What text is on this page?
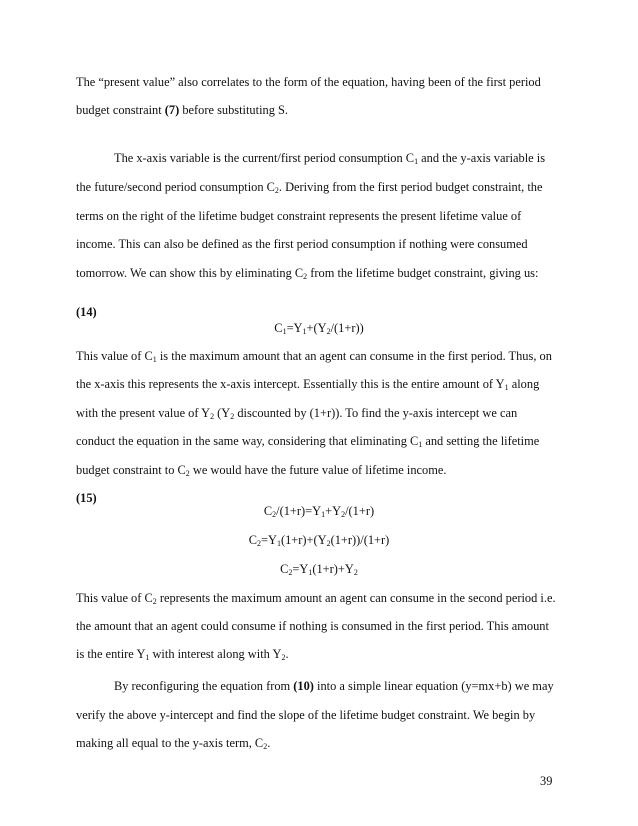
The “present value” also correlates to the form of the equation, having been of the first period
budget constraint (7) before substituting S.
The x-axis variable is the current/first period consumption $C_1$ and the y-axis variable is
the future/second period consumption $C_2$. Deriving from the first period budget constraint, the
terms on the right of the lifetime budget constraint represents the present lifetime value of
income. This can also be defined as the first period consumption if nothing were consumed
tomorrow. We can show this by eliminating $C_2$ from the lifetime budget constraint, giving us:
(14)
$C_1=Y_1+(Y_2/(1+r))$
This value of $C_1$ is the maximum amount that an agent can consume in the first period. Thus, on
the x-axis this represents the x-axis intercept. Essentially this is the entire amount of $Y_1$ along
with the present value of $Y_2$ ($Y_2$ discounted by (1+r)). To find the y-axis intercept we can
conduct the equation in the same way, considering that eliminating $C_1$ and setting the lifetime
budget constraint to $C_2$ we would have the future value of lifetime income.
(15)
$C_2/(1+r)=Y_1+Y_2/(1+r)$
$C_2=Y_1(1+r)+(Y_2(1+r))/(1+r)$
$C_2=Y_1(1+r)+Y_2$
This value of $C_2$ represents the maximum amount an agent can consume in the second period i.e.
the amount that an agent could consume if nothing is consumed in the first period. This amount
is the entire $Y_1$ with interest along with $Y_2$.
By reconfiguring the equation from (10) into a simple linear equation (y=mx+b) we may
verify the above y-intercept and find the slope of the lifetime budget constraint. We begin by
making all equal to the y-axis term, $C_2$.
39
